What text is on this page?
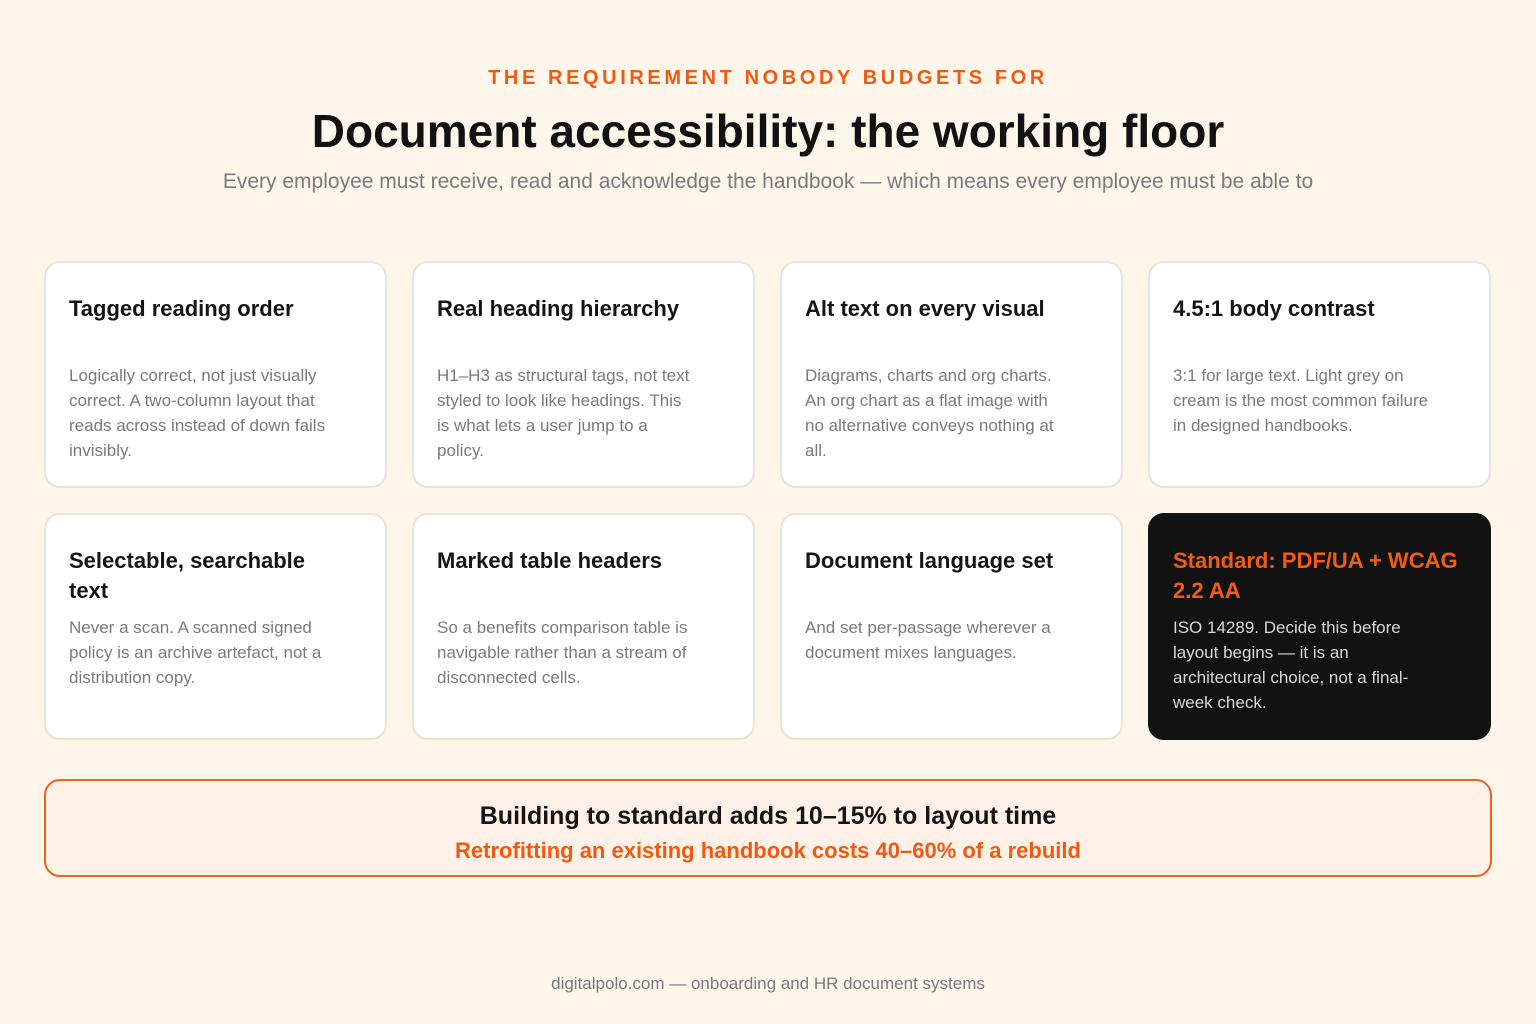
THE REQUIREMENT NOBODY BUDGETS FOR
Document accessibility: the working floor
Every employee must receive, read and acknowledge the handbook — which means every employee must be able to
Tagged reading order
Logically correct, not just visually correct. A two-column layout that reads across instead of down fails invisibly.
Real heading hierarchy
H1–H3 as structural tags, not text styled to look like headings. This is what lets a user jump to a policy.
Alt text on every visual
Diagrams, charts and org charts. An org chart as a flat image with no alternative conveys nothing at all.
4.5:1 body contrast
3:1 for large text. Light grey on cream is the most common failure in designed handbooks.
Selectable, searchable text
Never a scan. A scanned signed policy is an archive artefact, not a distribution copy.
Marked table headers
So a benefits comparison table is navigable rather than a stream of disconnected cells.
Document language set
And set per-passage wherever a document mixes languages.
Standard: PDF/UA + WCAG 2.2 AA
ISO 14289. Decide this before layout begins — it is an architectural choice, not a final-week check.
Building to standard adds 10–15% to layout time
Retrofitting an existing handbook costs 40–60% of a rebuild
digitalpolo.com — onboarding and HR document systems
